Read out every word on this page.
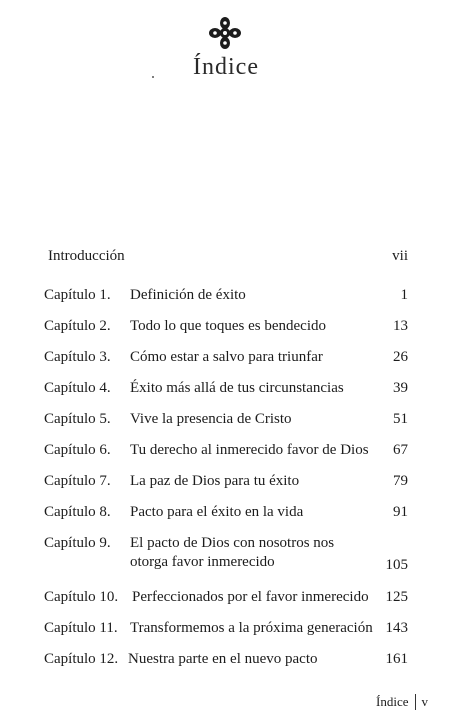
Índice
Introducción	vii
Capítulo 1. Definición de éxito	1
Capítulo 2. Todo lo que toques es bendecido	13
Capítulo 3. Cómo estar a salvo para triunfar	26
Capítulo 4. Éxito más allá de tus circunstancias	39
Capítulo 5. Vive la presencia de Cristo	51
Capítulo 6. Tu derecho al inmerecido favor de Dios	67
Capítulo 7. La paz de Dios para tu éxito	79
Capítulo 8. Pacto para el éxito en la vida	91
Capítulo 9. El pacto de Dios con nosotros nos otorga favor inmerecido	105
Capítulo 10. Perfeccionados por el favor inmerecido	125
Capítulo 11. Transformemos a la próxima generación 143
Capítulo 12. Nuestra parte en el nuevo pacto	161
Índice v
